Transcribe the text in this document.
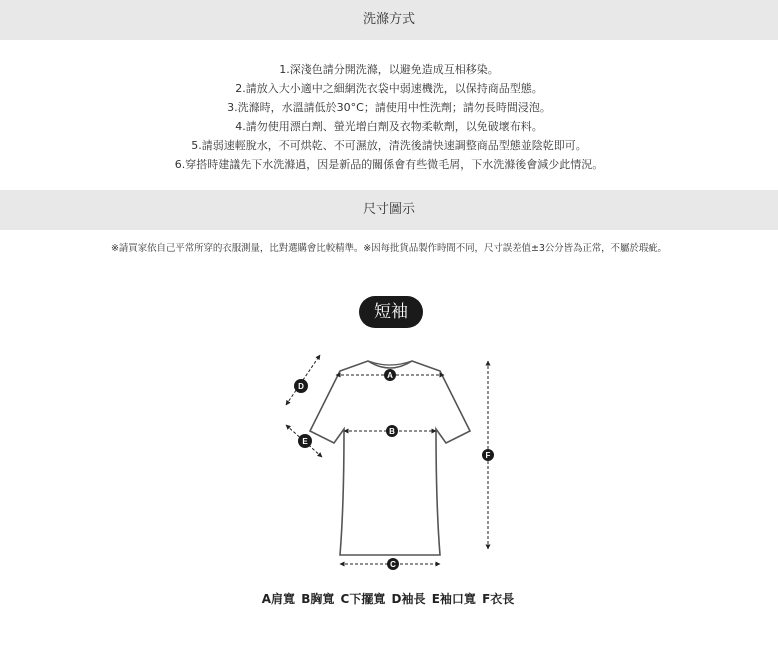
洗滌方式
1.深淺色請分開洗滌，以避免造成互相移染。
2.請放入大小適中之細網洗衣袋中弱速機洗，以保持商品型態。
3.洗滌時，水溫請低於30°C；請使用中性洗劑；請勿長時間浸泡。
4.請勿使用漂白劑、螢光增白劑及衣物柔軟劑，以免破壞布料。
5.請弱速輕脫水，不可烘乾、不可濕放，清洗後請快速調整商品型態並陰乾即可。
6.穿搭時建議先下水洗滌過，因是新品的關係會有些微毛屑，下水洗滌後會減少此情況。
尺寸圖示
※請買家依自己平常所穿的衣服測量，比對選購會比較精準。※因每批貨品製作時間不同，尺寸誤差值±3公分皆為正常，不屬於瑕疵。
短袖
A
B
C
D
E
F
A肩寬 B胸寬 C下擺寬 D袖長 E袖口寬 F衣長
